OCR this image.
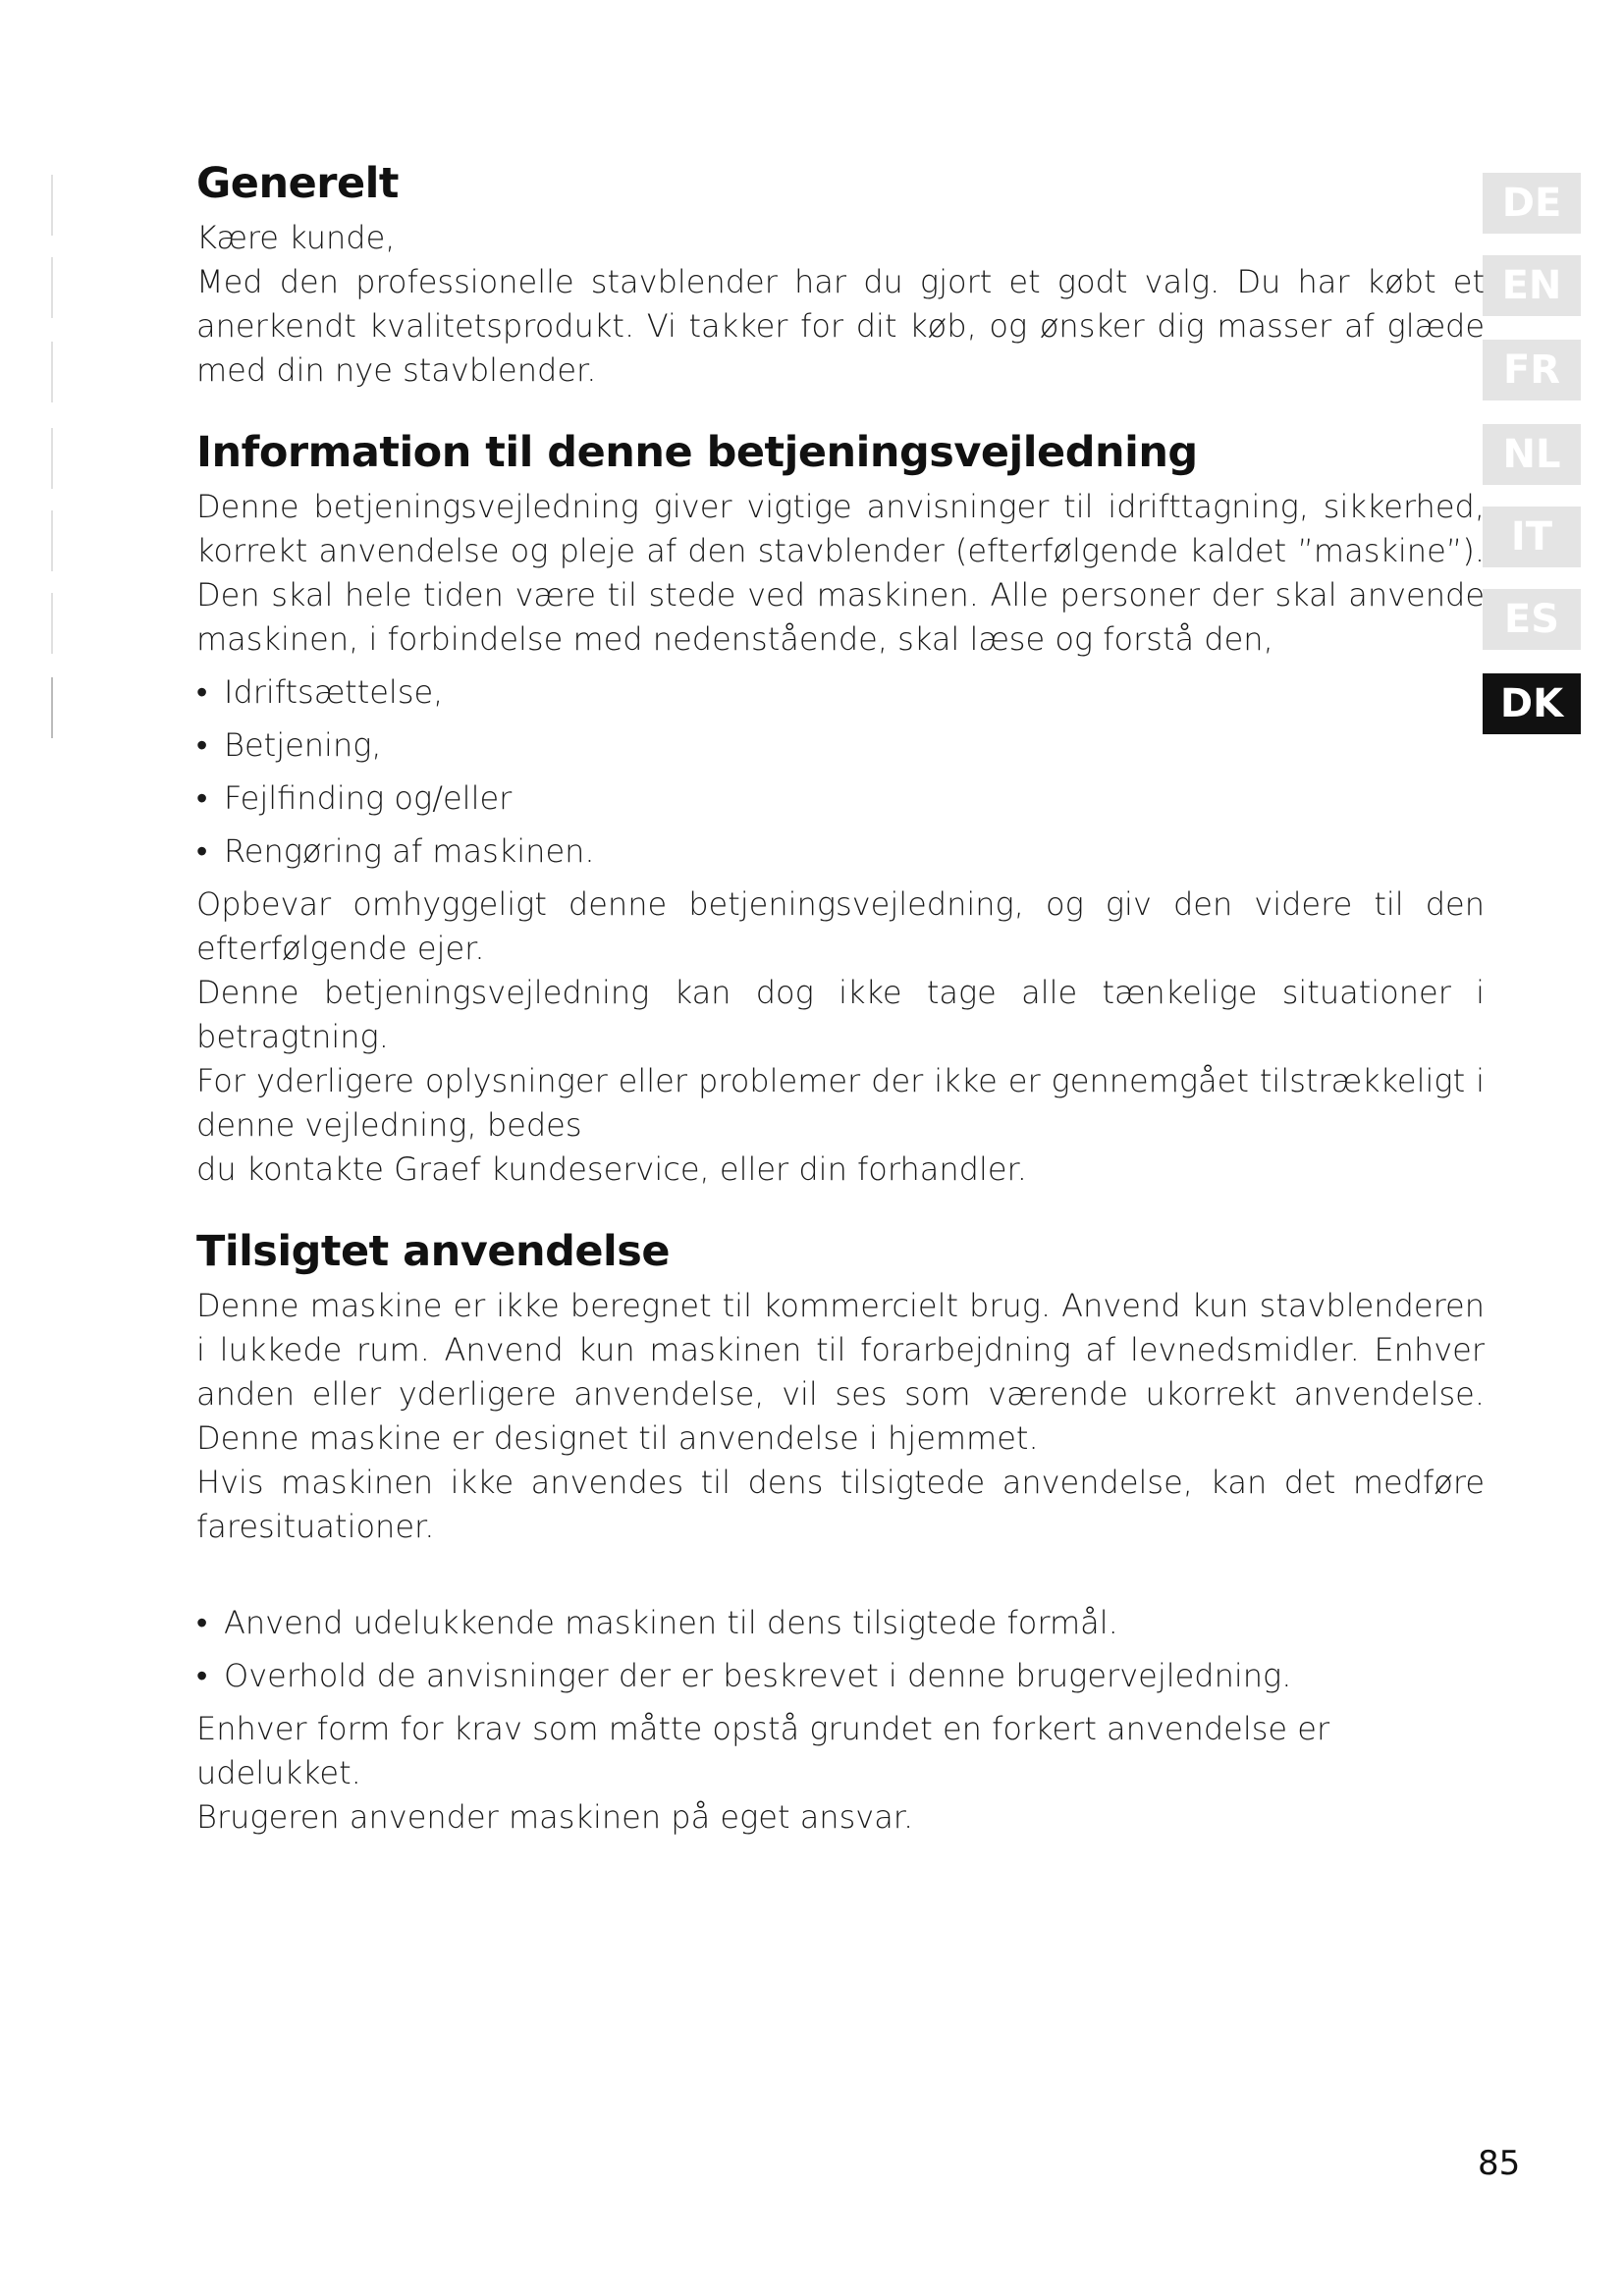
DE
EN
FR
NL
IT
ES
DK
Generelt

Kære kunde,

Med den professionelle stavblender har du gjort et godt valg. Du har købt et anerkendt kvalitetsprodukt. Vi takker for dit køb, og ønsker dig masser af glæde med din nye stavblender.

Information til denne betjeningsvejledning

Denne betjeningsvejledning giver vigtige anvisninger til idrifttagning, sikkerhed, korrekt anvendelse og pleje af den stavblender (efterfølgende kaldet ”maskine”). Den skal hele tiden være til stede ved maskinen. Alle personer der skal anvende maskinen, i forbindelse med nedenstående, skal læse og forstå den,

• Idriftsættelse,
• Betjening,
• Fejlfinding og/eller
• Rengøring af maskinen.

Opbevar omhyggeligt denne betjeningsvejledning, og giv den videre til den efterfølgende ejer.

Denne betjeningsvejledning kan dog ikke tage alle tænkelige situationer i betragtning.

For yderligere oplysninger eller problemer der ikke er gennemgået tilstrækkeligt i denne vejledning, bedes

du kontakte Graef kundeservice, eller din forhandler.

Tilsigtet anvendelse

Denne maskine er ikke beregnet til kommercielt brug. Anvend kun stavblenderen i lukkede rum. Anvend kun maskinen til forarbejdning af levnedsmidler. Enhver anden eller yderligere anvendelse, vil ses som værende ukorrekt anvendelse. Denne maskine er designet til anvendelse i hjemmet.

Hvis maskinen ikke anvendes til dens tilsigtede anvendelse, kan det medføre faresituationer.

• Anvend udelukkende maskinen til dens tilsigtede formål.
• Overhold de anvisninger der er beskrevet i denne brugervejledning.

Enhver form for krav som måtte opstå grundet en forkert anvendelse er udelukket.

Brugeren anvender maskinen på eget ansvar.

85
